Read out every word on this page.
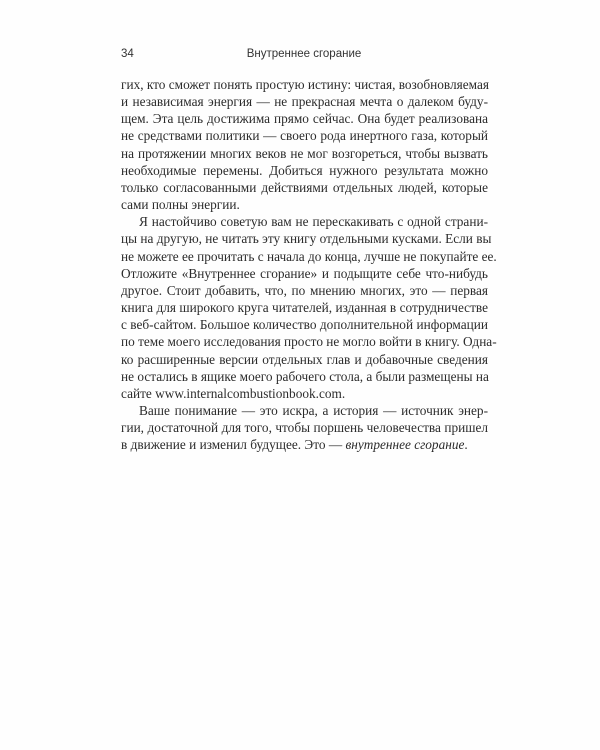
34	Внутреннее сгорание

гих, кто сможет понять простую истину: чистая, возобновляемая
и независимая энергия — не прекрасная мечта о далеком буду-
щем. Эта цель достижима прямо сейчас. Она будет реализована
не средствами политики — своего рода инертного газа, который
на протяжении многих веков не мог возгореться, чтобы вызвать
необходимые перемены. Добиться нужного результата можно
только согласованными действиями отдельных людей, которые
сами полны энергии.

Я настойчиво советую вам не перескакивать с одной страни-
цы на другую, не читать эту книгу отдельными кусками. Если вы
не можете ее прочитать с начала до конца, лучше не покупайте ее.
Отложите «Внутреннее сгорание» и подыщите себе что-нибудь
другое. Стоит добавить, что, по мнению многих, это — первая
книга для широкого круга читателей, изданная в сотрудничестве
с веб-сайтом. Большое количество дополнительной информации
по теме моего исследования просто не могло войти в книгу. Одна-
ко расширенные версии отдельных глав и добавочные сведения
не остались в ящике моего рабочего стола, а были размещены на
сайте www.internalcombustionbook.com.

Ваше понимание — это искра, а история — источник энер-
гии, достаточной для того, чтобы поршень человечества пришел
в движение и изменил будущее. Это — внутреннее сгорание.
